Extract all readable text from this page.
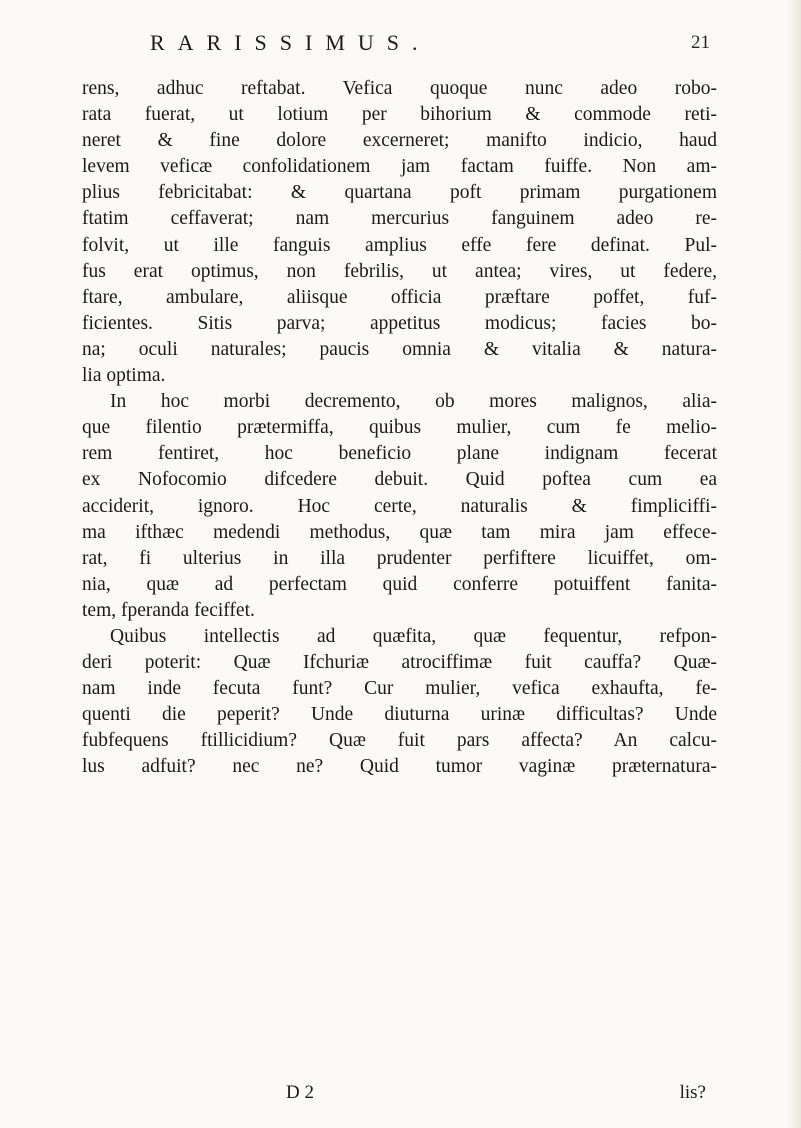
RARISSIMUS.	21
rens, adhuc reftabat. Vefica quoque nunc adeo robo-
rata fuerat, ut lotium per bihorium & commode reti-
neret & fine dolore excerneret; manifto indicio, haud
levem veficæ confolidationem jam factam fuiffe. Non am-
plius febricitabat: & quartana poft primam purgationem
ftatim ceffaverat; nam mercurius fanguinem adeo re-
folvit, ut ille fanguis amplius effe fere definat. Pul-
fus erat optimus, non febrilis, ut antea; vires, ut federe,
ftare, ambulare, aliisque officia præftare poffet, fuf-
ficientes. Sitis parva; appetitus modicus; facies bo-
na; oculi naturales; paucis omnia & vitalia & natura-
lia optima.
In hoc morbi decremento, ob mores malignos, alia-
que filentio prætermiffa, quibus mulier, cum fe melio-
rem fentiret, hoc beneficio plane indignam fecerat
ex Nofocomio difcedere debuit. Quid poftea cum ea
acciderit, ignoro. Hoc certe, naturalis & fimpliciffi-
ma ifthæc medendi methodus, quæ tam mira jam effece-
rat, fi ulterius in illa prudenter perfiftere licuiffet, om-
nia, quæ ad perfectam quid conferre potuiffent fanita-
tem, fperanda feciffet.
Quibus intellectis ad quæfita, quæ fequentur, refpon-
deri poterit: Quæ Ifchuriæ atrociffimæ fuit cauffa? Quæ-
nam inde fecuta funt? Cur mulier, vefica exhaufta, fe-
quenti die peperit? Unde diuturna urinæ difficultas? Unde
fubfequens ftillicidium? Quæ fuit pars affecta? An calcu-
lus adfuit? nec ne? Quid tumor vaginæ præternatura-
D 2	lis?
